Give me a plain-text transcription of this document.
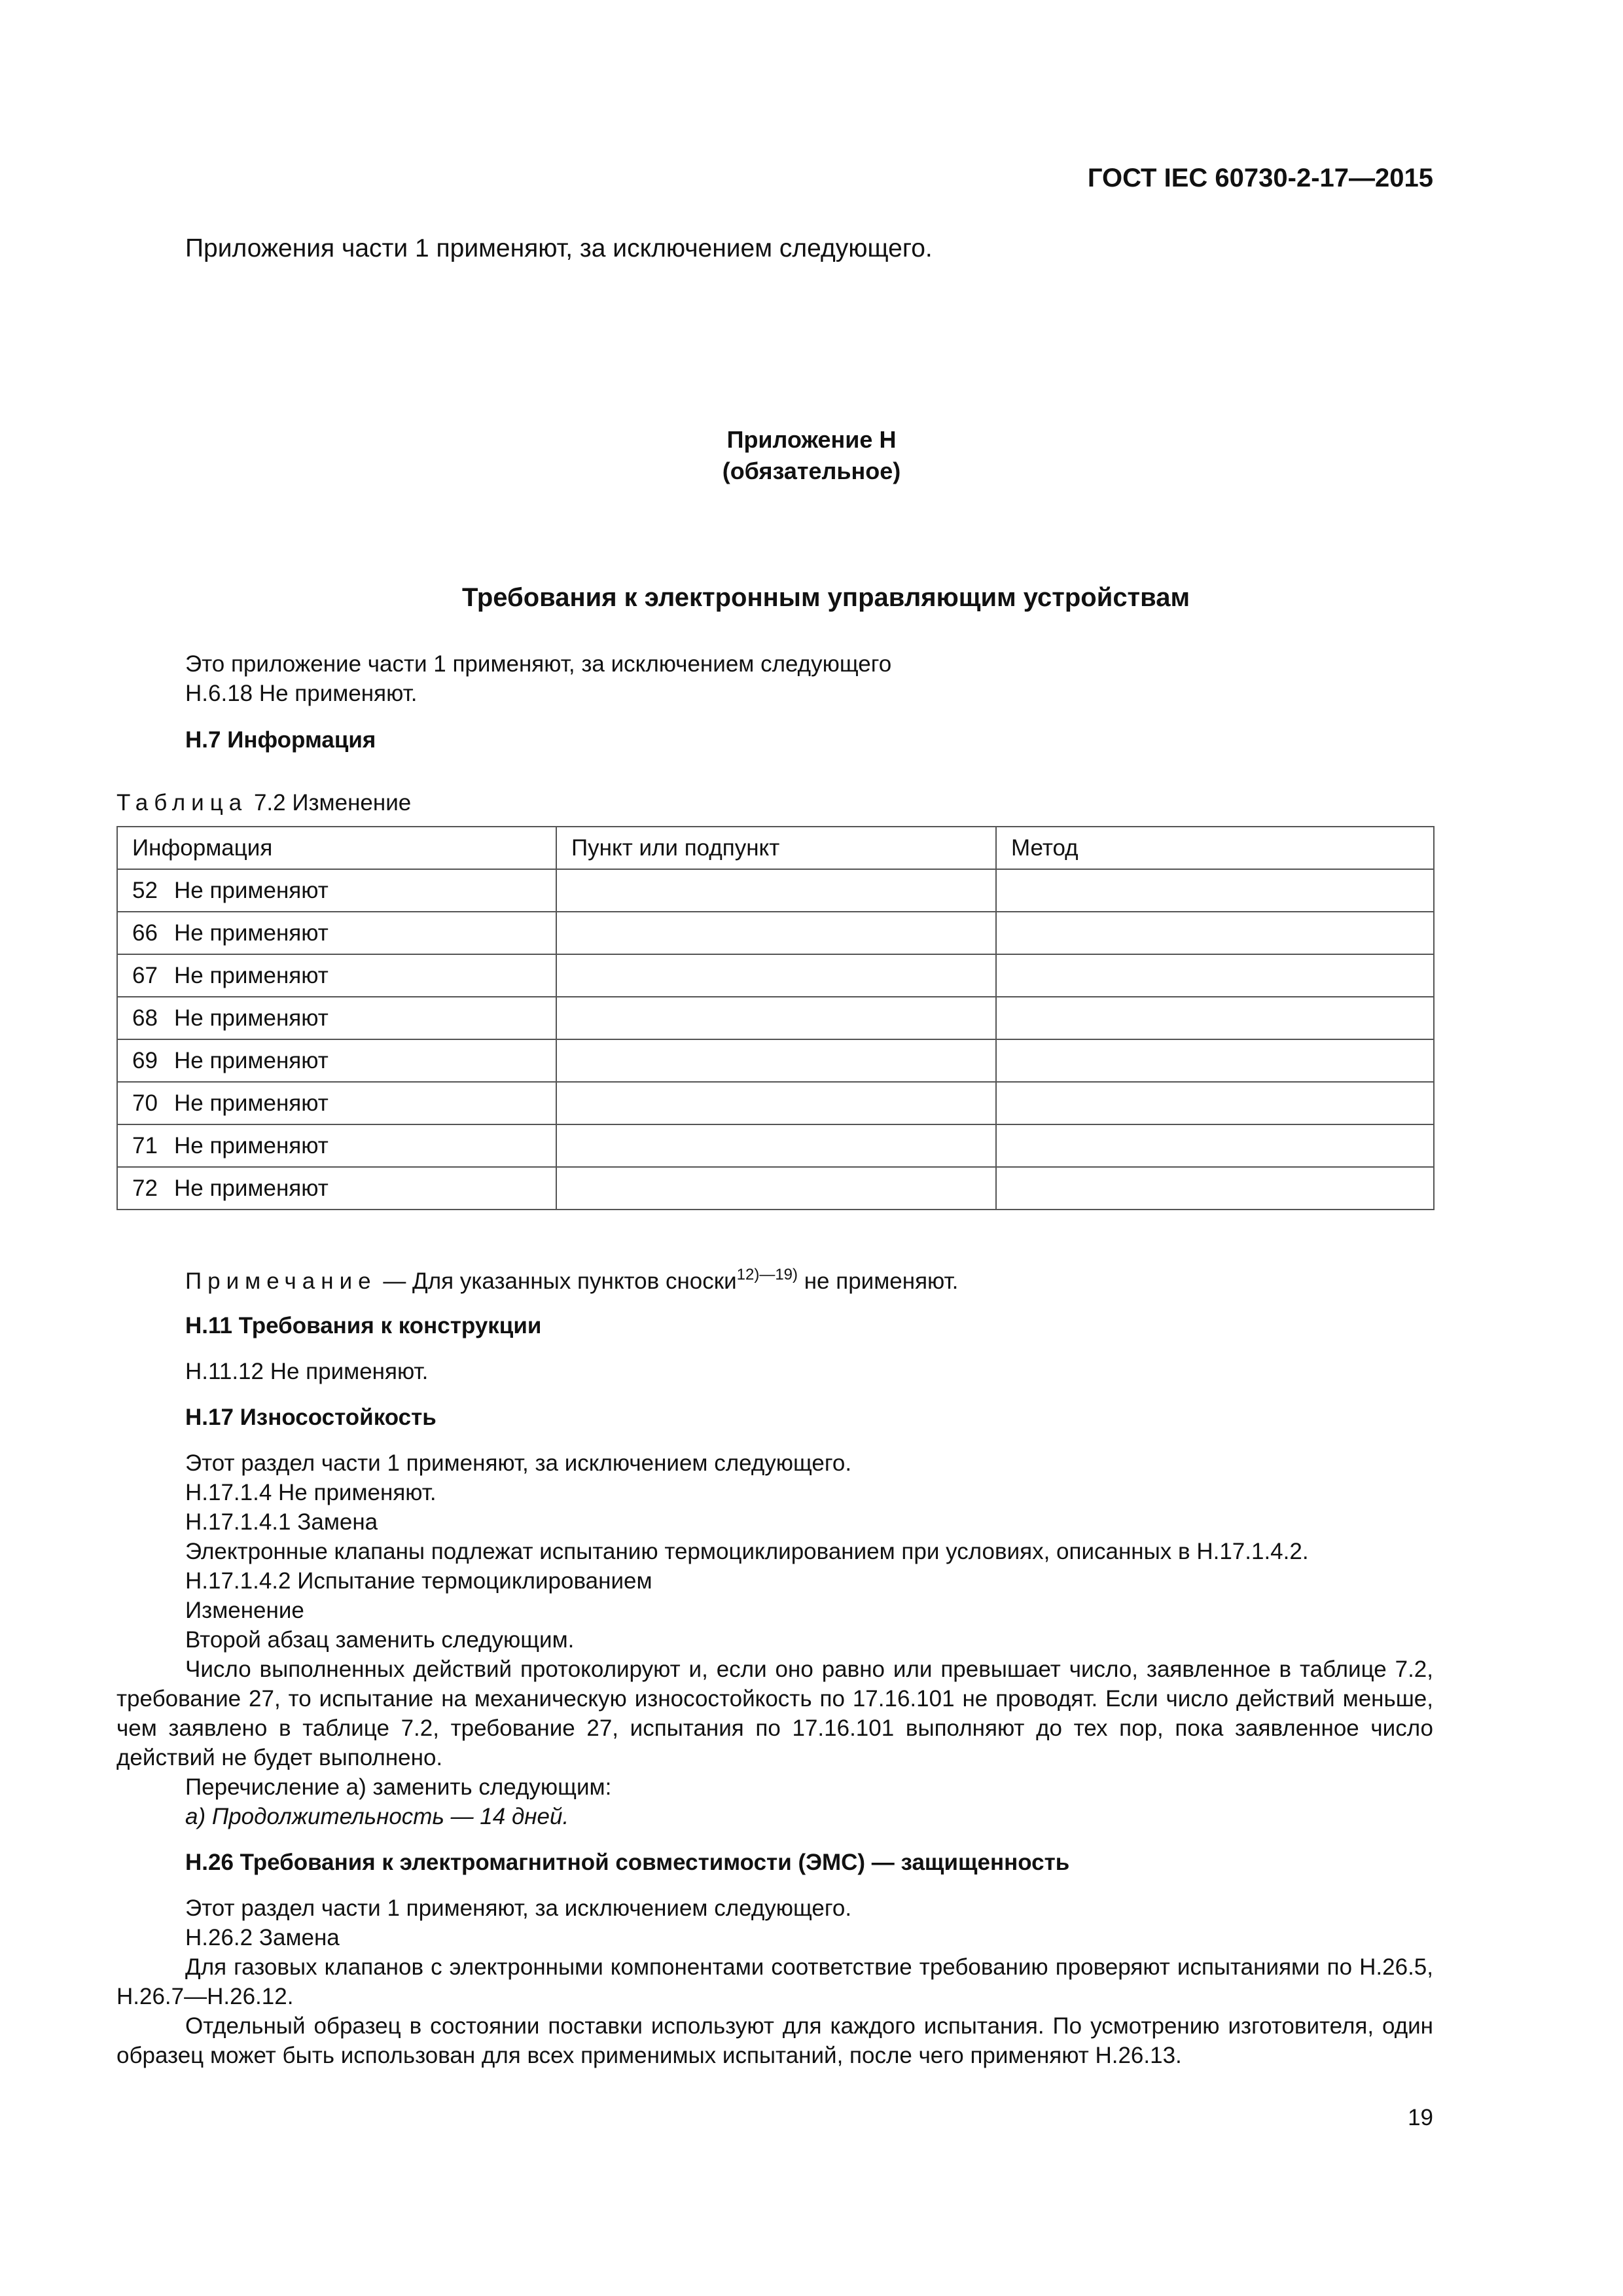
ГОСТ IEC 60730-2-17—2015
Приложения части 1 применяют, за исключением следующего.
Приложение H
(обязательное)
Требования к электронным управляющим устройствам
Это приложение части 1 применяют, за исключением следующего
H.6.18 Не применяют.
H.7 Информация
Таблица 7.2 Изменение
Информация	Пункт или подпункт	Метод
52 Не применяют		
66 Не применяют		
67 Не применяют		
68 Не применяют		
69 Не применяют		
70 Не применяют		
71 Не применяют		
72 Не применяют		
Примечание — Для указанных пунктов сноски$^{12)—19)}$ не применяют.
H.11 Требования к конструкции
H.11.12 Не применяют.
H.17 Износостойкость
Этот раздел части 1 применяют, за исключением следующего.
H.17.1.4 Не применяют.
H.17.1.4.1 Замена
Электронные клапаны подлежат испытанию термоциклированием при условиях, описанных в H.17.1.4.2.
H.17.1.4.2 Испытание термоциклированием
Изменение
Второй абзац заменить следующим.
Число выполненных действий протоколируют и, если оно равно или превышает число, заявленное в таблице 7.2, требование 27, то испытание на механическую износостойкость по 17.16.101 не проводят. Если число действий меньше, чем заявлено в таблице 7.2, требование 27, испытания по 17.16.101 выполняют до тех пор, пока заявленное число действий не будет выполнено.
Перечисление а) заменить следующим:
а) Продолжительность — 14 дней.
H.26 Требования к электромагнитной совместимости (ЭМС) — защищенность
Этот раздел части 1 применяют, за исключением следующего.
H.26.2 Замена
Для газовых клапанов с электронными компонентами соответствие требованию проверяют испытаниями по H.26.5, H.26.7—H.26.12.
Отдельный образец в состоянии поставки используют для каждого испытания. По усмотрению изготовителя, один образец может быть использован для всех применимых испытаний, после чего применяют H.26.13.
19
